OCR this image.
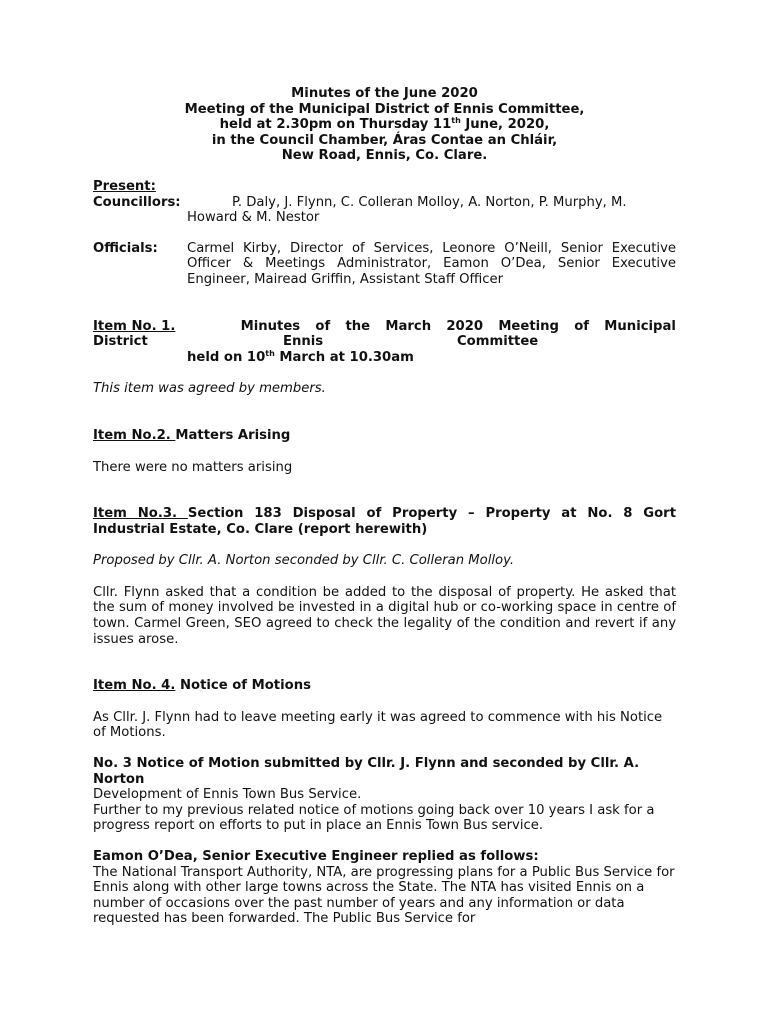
Minutes of the June 2020
Meeting of the Municipal District of Ennis Committee,
held at 2.30pm on Thursday 11th June, 2020,
in the Council Chamber, Áras Contae an Chláir,
New Road, Ennis, Co. Clare.
Present:
Councillors:	P. Daly, J. Flynn, C. Colleran Molloy, A. Norton, P. Murphy, M.
Howard & M. Nestor
Officials:	Carmel Kirby, Director of Services, Leonore O’Neill, Senior Executive Officer & Meetings Administrator, Eamon O’Dea, Senior Executive Engineer, Mairead Griffin, Assistant Staff Officer
Item No. 1.	Minutes of the March 2020 Meeting of Municipal
District	Ennis	Committee
held on 10th March at 10.30am

This item was agreed by members.

Item No.2. Matters Arising

There were no matters arising

Item No.3. Section 183 Disposal of Property – Property at No. 8 Gort Industrial Estate, Co. Clare (report herewith)

Proposed by Cllr. A. Norton seconded by Cllr. C. Colleran Molloy.

Cllr. Flynn asked that a condition be added to the disposal of property. He asked that the sum of money involved be invested in a digital hub or co-working space in centre of town. Carmel Green, SEO agreed to check the legality of the condition and revert if any issues arose.

Item No. 4. Notice of Motions

As Cllr. J. Flynn had to leave meeting early it was agreed to commence with his Notice of Motions.

No. 3 Notice of Motion submitted by Cllr. J. Flynn and seconded by Cllr. A. Norton

Development of Ennis Town Bus Service.

Further to my previous related notice of motions going back over 10 years I ask for a progress report on efforts to put in place an Ennis Town Bus service.

Eamon O’Dea, Senior Executive Engineer replied as follows:

The National Transport Authority, NTA, are progressing plans for a Public Bus Service for Ennis along with other large towns across the State. The NTA has visited Ennis on a number of occasions over the past number of years and any information or data requested has been forwarded. The Public Bus Service for
